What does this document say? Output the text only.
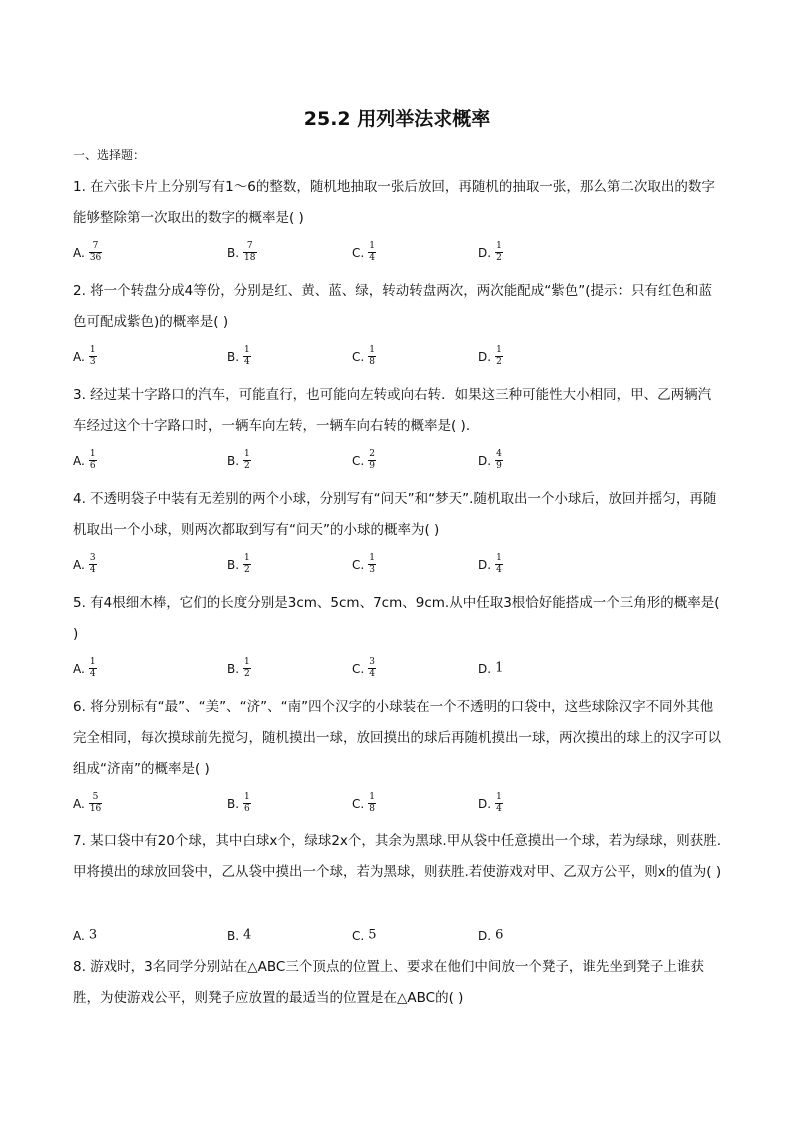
25.2 用列举法求概率
一、选择题：
1. 在六张卡片上分别写有1～6的整数，随机地抽取一张后放回，再随机的抽取一张，那么第二次取出的数字能够整除第一次取出的数字的概率是( )
A. $\frac{7}{36}$	B. $\frac{7}{18}$	C. $\frac{1}{4}$	D. $\frac{1}{2}$
2. 将一个转盘分成4等份，分别是红、黄、蓝、绿，转动转盘两次，两次能配成“紫色”(提示：只有红色和蓝色可配成紫色)的概率是( )
A. $\frac{1}{3}$	B. $\frac{1}{4}$	C. $\frac{1}{8}$	D. $\frac{1}{2}$
3. 经过某十字路口的汽车，可能直行，也可能向左转或向右转．如果这三种可能性大小相同，甲、乙两辆汽车经过这个十字路口时，一辆车向左转，一辆车向右转的概率是( )．
A. $\frac{1}{6}$	B. $\frac{1}{2}$	C. $\frac{2}{9}$	D. $\frac{4}{9}$
4. 不透明袋子中装有无差别的两个小球，分别写有“问天”和“梦天”.随机取出一个小球后，放回并摇匀，再随机取出一个小球，则两次都取到写有“问天”的小球的概率为( )
A. $\frac{3}{4}$	B. $\frac{1}{2}$	C. $\frac{1}{3}$	D. $\frac{1}{4}$
5. 有4根细木棒，它们的长度分别是3cm、5cm、7cm、9cm.从中任取3根恰好能搭成一个三角形的概率是( )
A. $\frac{1}{4}$	B. $\frac{1}{2}$	C. $\frac{3}{4}$	D. 1
6. 将分别标有“最”、“美”、“济”、“南”四个汉字的小球装在一个不透明的口袋中，这些球除汉字不同外其他完全相同，每次摸球前先搅匀，随机摸出一球，放回摸出的球后再随机摸出一球，两次摸出的球上的汉字可以组成“济南”的概率是( )
A. $\frac{5}{16}$	B. $\frac{1}{6}$	C. $\frac{1}{8}$	D. $\frac{1}{4}$
7. 某口袋中有20个球，其中白球x个，绿球2x个，其余为黑球.甲从袋中任意摸出一个球，若为绿球，则获胜.甲将摸出的球放回袋中，乙从袋中摸出一个球，若为黑球，则获胜.若使游戏对甲、乙双方公平，则x的值为( )
A. 3	B. 4	C. 5	D. 6
8. 游戏时，3名同学分别站在△ABC三个顶点的位置上、要求在他们中间放一个凳子，谁先坐到凳子上谁获胜，为使游戏公平，则凳子应放置的最适当的位置是在△ABC的( )
